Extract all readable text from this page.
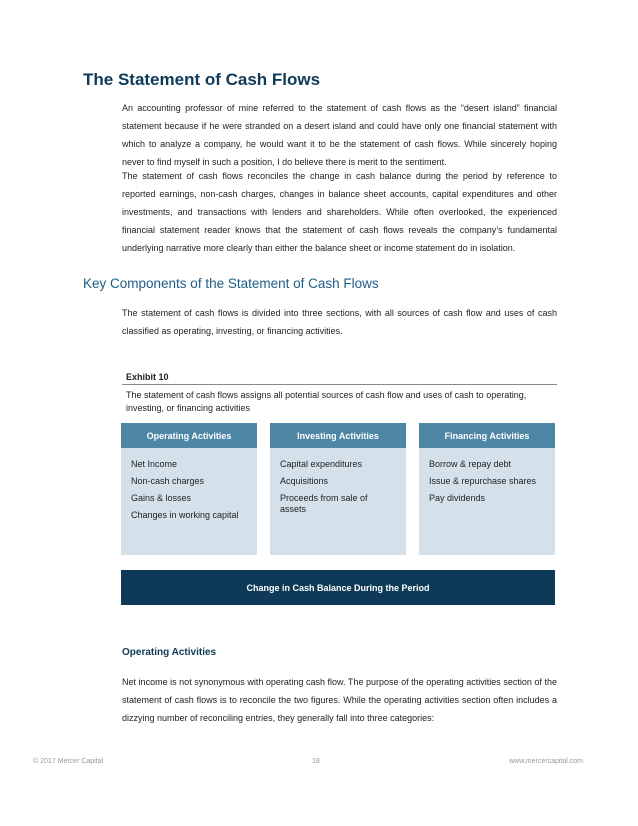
The Statement of Cash Flows

An accounting professor of mine referred to the statement of cash flows as the “desert island” financial statement because if he were stranded on a desert island and could have only one financial statement with which to analyze a company, he would want it to be the statement of cash flows. While sincerely hoping never to find myself in such a position, I do believe there is merit to the sentiment.

The statement of cash flows reconciles the change in cash balance during the period by reference to reported earnings, non-cash charges, changes in balance sheet accounts, capital expenditures and other investments, and transactions with lenders and shareholders. While often overlooked, the experienced financial statement reader knows that the statement of cash flows reveals the company’s fundamental underlying narrative more clearly than either the balance sheet or income statement do in isolation.

Key Components of the Statement of Cash Flows

The statement of cash flows is divided into three sections, with all sources of cash flow and uses of cash classified as operating, investing, or financing activities.

Exhibit 10
The statement of cash flows assigns all potential sources of cash flow and uses of cash to operating, investing, or financing activities
Operating Activities
Net Income
Non-cash charges
Gains & losses
Changes in working capital
Investing Activities
Capital expenditures
Acquisitions
Proceeds from sale of assets
Financing Activities
Borrow & repay debt
Issue & repurchase shares
Pay dividends
Change in Cash Balance During the Period
Operating Activities

Net income is not synonymous with operating cash flow. The purpose of the operating activities section of the statement of cash flows is to reconcile the two figures. While the operating activities section often includes a dizzying number of reconciling entries, they generally fall into three categories:

© 2017 Mercer Capital	18	www.mercercapital.com
